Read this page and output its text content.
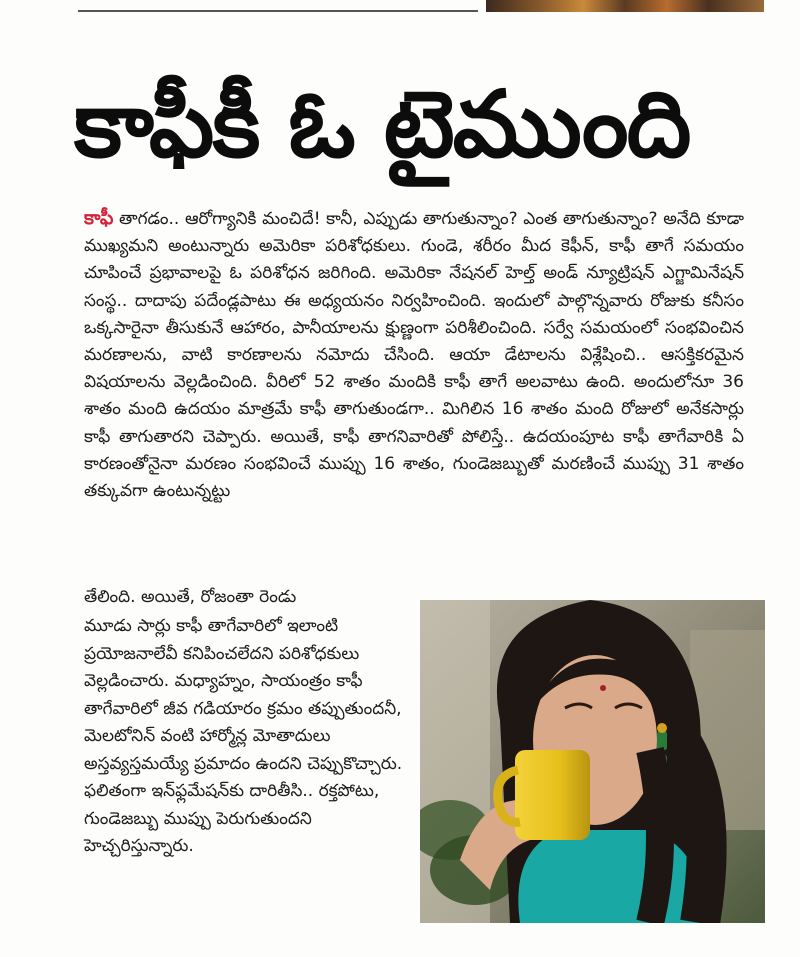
కాఫీకీ ఓ టైముంది
కాఫీ తాగడం.. ఆరోగ్యానికి మంచిదే! కానీ, ఎప్పుడు తాగుతున్నాం? ఎంత తాగుతున్నాం? అనేది కూడా ముఖ్యమని అంటున్నారు అమెరికా పరిశోధకులు. గుండె, శరీరం మీద కెఫీన్, కాఫీ తాగే సమయం చూపించే ప్రభావాలపై ఓ పరిశోధన జరిగింది. అమెరికా నేషనల్ హెల్త్ అండ్ న్యూట్రిషన్ ఎగ్జామినేషన్ సంస్థ.. దాదాపు పదేండ్లపాటు ఈ అధ్యయనం నిర్వహించింది. ఇందులో పాల్గొన్నవారు రోజుకు కనీసం ఒక్కసారైనా తీసుకునే ఆహారం, పానీయాలను క్షుణ్ణంగా పరిశీలించింది. సర్వే సమయంలో సంభవించిన మరణాలను, వాటి కారణాలను నమోదు చేసింది. ఆయా డేటాలను విశ్లేషించి.. ఆసక్తికరమైన విషయాలను వెల్లడించింది. వీరిలో 52 శాతం మందికి కాఫీ తాగే అలవాటు ఉంది. అందులోనూ 36 శాతం మంది ఉదయం మాత్రమే కాఫీ తాగుతుండగా.. మిగిలిన 16 శాతం మంది రోజులో అనేకసార్లు కాఫీ తాగుతారని చెప్పారు. అయితే, కాఫీ తాగనివారితో పోలిస్తే.. ఉదయంపూట కాఫీ తాగేవారికి ఏ కారణంతోనైనా మరణం సంభవించే ముప్పు 16 శాతం, గుండెజబ్బుతో మరణించే ముప్పు 31 శాతం తక్కువగా ఉంటున్నట్టు
తేలింది. అయితే, రోజంతా రెండు
మూడు సార్లు కాఫీ తాగేవారిలో ఇలాంటి ప్రయోజనాలేవీ కనిపించలేదని పరిశోధకులు వెల్లడించారు. మధ్యాహ్నం, సాయంత్రం కాఫీ తాగేవారిలో జీవ గడియారం క్రమం తప్పుతుందనీ, మెలటోనిన్ వంటి హార్మోన్ల మోతాదులు అస్తవ్యస్తమయ్యే ప్రమాదం ఉందని చెప్పుకొచ్చారు. ఫలితంగా ఇన్‌ఫ్లమేషన్‌కు దారితీసి.. రక్తపోటు, గుండెజబ్బు ముప్పు పెరుగుతుందని హెచ్చరిస్తున్నారు.
